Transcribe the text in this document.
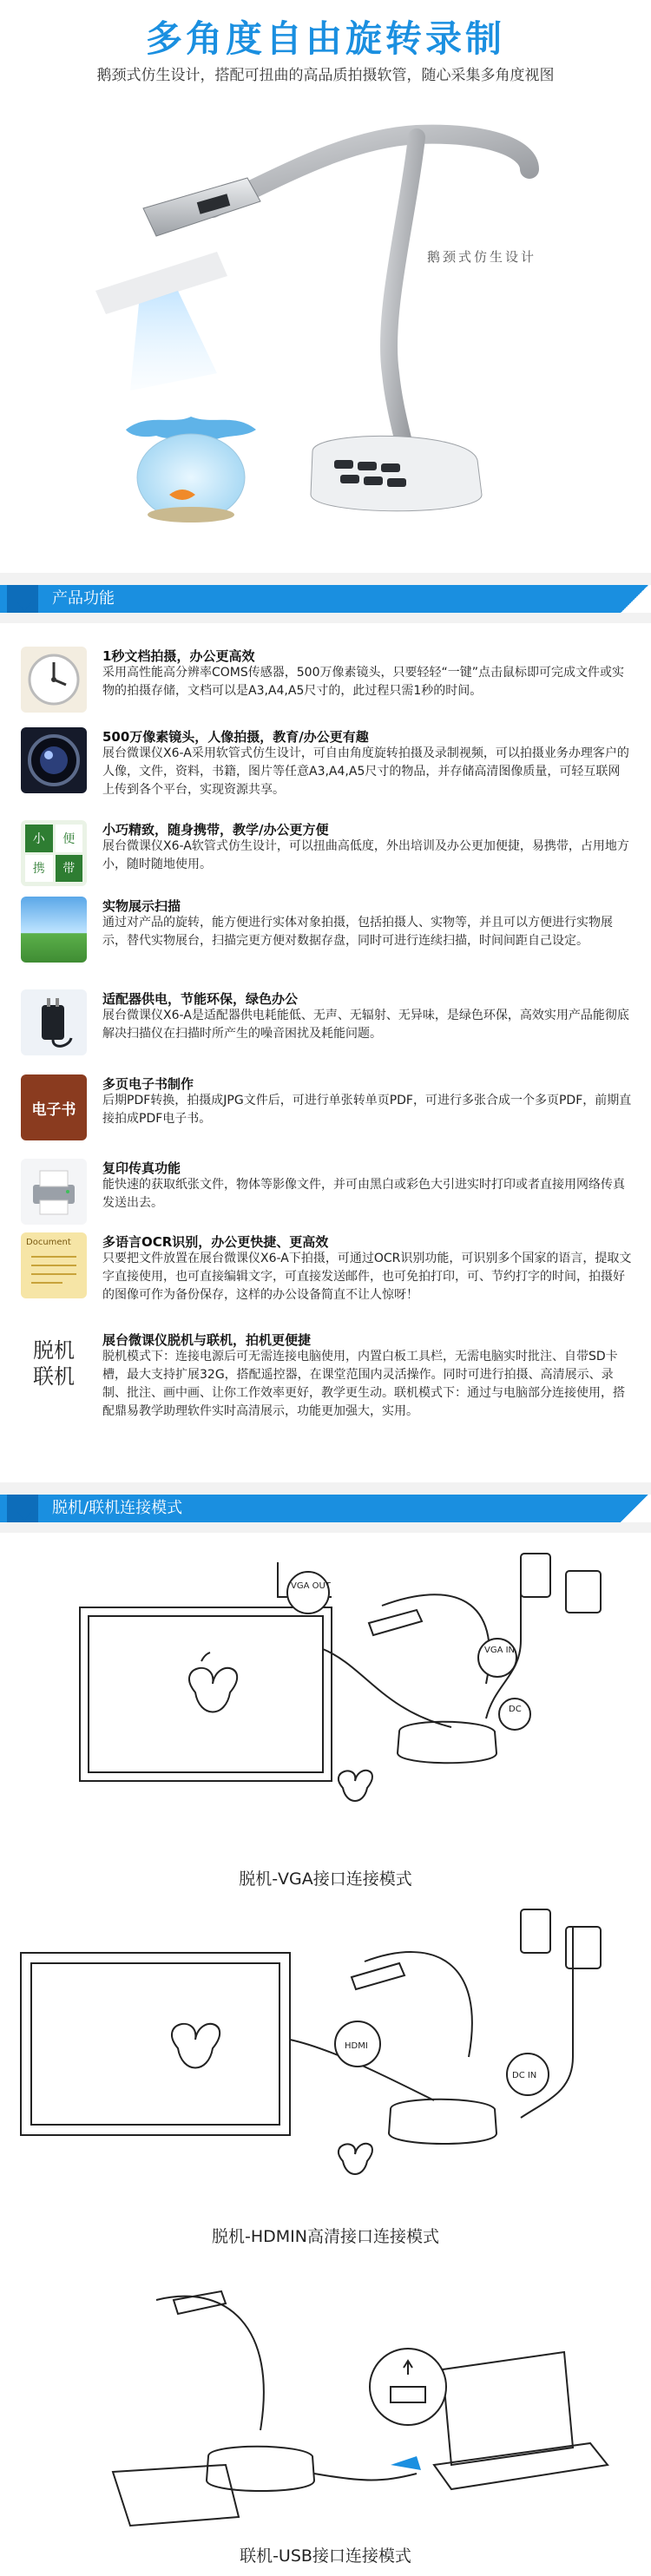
多角度自由旋转录制

鹅颈式仿生设计，搭配可扭曲的高品质拍摄软管，随心采集多角度视图

鹅颈式仿生设计
产品功能
1秒文档拍摄，办公更高效
采用高性能高分辨率COMS传感器，500万像素镜头，只要轻轻“一键”点击鼠标即可完成文件或实物的拍摄存储，文档可以是A3,A4,A5尺寸的，此过程只需1秒的时间。
500万像素镜头，人像拍摄，教育/办公更有趣
展台微课仪X6-A采用软管式仿生设计，可自由角度旋转拍摄及录制视频，可以拍摄业务办理客户的人像，文件，资料，书籍，图片等任意A3,A4,A5尺寸的物品，并存储高清图像质量，可轻互联网上传到各个平台，实现资源共享。
小	便
携	带
小巧精致，随身携带，教学/办公更方便
展台微课仪X6-A软管式仿生设计，可以扭曲高低度，外出培训及办公更加便捷，易携带，占用地方小，随时随地使用。
实物展示扫描
通过对产品的旋转，能方便进行实体对象拍摄，包括拍摄人、实物等，并且可以方便进行实物展示，替代实物展台，扫描完更方便对数据存盘，同时可进行连续扫描，时间间距自己设定。
适配器供电，节能环保，绿色办公
展台微课仪X6-A是适配器供电耗能低、无声、无辐射、无异味，是绿色环保，高效实用产品能彻底解决扫描仪在扫描时所产生的噪音困扰及耗能问题。
电子书
多页电子书制作
后期PDF转换，拍摄成JPG文件后，可进行单张转单页PDF，可进行多张合成一个多页PDF，前期直接拍成PDF电子书。
复印传真功能
能快速的获取纸张文件，物体等影像文件，并可由黑白或彩色大引进实时打印或者直接用网络传真发送出去。
Document 多语言OCR识别，办公更快捷、更高效
只要把文件放置在展台微课仪X6-A下拍摄，可通过OCR识别功能，可识别多个国家的语言，提取文字直接使用，也可直接编辑文字，可直接发送邮件，也可免拍打印，可、节约打字的时间，拍摄好的图像可作为备份保存，这样的办公设备简直不让人惊呀！
脱机
联机
展台微课仪脱机与联机，拍机更便捷
脱机模式下：连接电源后可无需连接电脑使用，内置白板工具栏，无需电脑实时批注、自带SD卡槽，最大支持扩展32G，搭配遥控器，在课堂范围内灵活操作。同时可进行拍摄、高清展示、录制、批注、画中画、让你工作效率更好，教学更生动。联机模式下：通过与电脑部分连接使用，搭配鼎易教学助理软件实时高清展示，功能更加强大，实用。
脱机/联机连接模式
VGA OUT
VGA IN
DC
脱机-VGA接口连接模式
HDMI
DC IN
脱机-HDMIN高清接口连接模式
联机-USB接口连接模式
